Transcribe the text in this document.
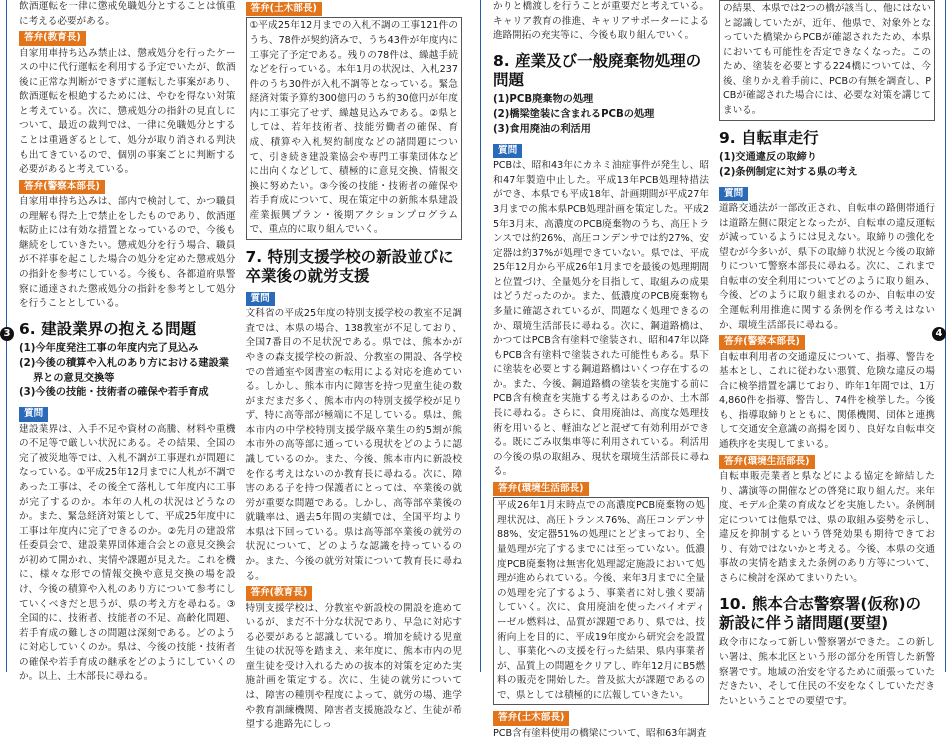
飲酒運転を一律に懲戒免職処分とすることは慎重に考える必要がある。

答弁(教育長)

自家用車持ち込み禁止は、懲戒処分を行ったケースの中に代行運転を利用する予定でいたが、飲酒後に正常な判断ができずに運転した事案があり、飲酒運転を根絶するためには、やむを得ない対策と考えている。次に、懲戒処分の指針の見直しについて、最近の裁判では、一律に免職処分とすることは重過ぎるとして、処分が取り消される判決も出てきているので、個別の事案ごとに判断する必要があると考えている。

答弁(警察本部長)

自家用車持ち込みは、部内で検討して、かつ職員の理解も得た上で禁止をしたものであり、飲酒運転防止には有効な措置となっているので、今後も継続をしていきたい。懲戒処分を行う場合、職員が不祥事を起こした場合の処分を定めた懲戒処分の指針を参考にしている。今後も、各都道府県警察に通達された懲戒処分の指針を参考として処分を行うこととしている。

6. 建設業界の抱える問題
(1)今年度発注工事の年度内完了見込み
(2)今後の積算や入札のあり方における建設業界との意見交換等
(3)今後の技能・技術者の確保や若手育成
質問

建設業界は、入手不足や資材の高騰、材料や重機の不足等で厳しい状況にある。その結果、全国の完了被災地等では、入札不調が工事遅れが問題になっている。①平成25年12月までに人札が不調であった工事は、その後全て落札して年度内に工事が完了するのか。本年の人札の状況はどうなのか。また、緊急経済対策として、平成25年度中に工事は年度内に完了できるのか。②先月の建設常任委員会で、建設業界団体連合会との意見交換会が初めて開かれ、実情や課題が見えた。これを機に、様々な形での情報交換や意見交換の場を設け、今後の積算や入札のあり方について参考にしていくべきだと思うが、県の考え方を尋ねる。③全国的に、技術者、技能者の不足、高齢化問題、若手育成の難しさの問題は深刻である。どのように対応していくのか。県は、今後の技能・技術者の確保や若手育成の継承をどのようにしていくのか。以上、土木部長に尋ねる。

答弁(土木部長)

①平成25年12月までの入札不調の工事121件のうち、78件が契約済みで、うち43件が年度内に工事完了予定である。残りの78件は、繰越手続などを行っている。本年1月の状況は、入札237件のうち30件が入札不調等となっている。緊急経済対策予算約300億円のうち約30億円が年度内に工事完了せず、繰越見込みである。②県としては、若年技術者、技能労働者の確保、育成、積算や入札契約制度などの諸問題について、引き続き建設業協会や専門工事業団体などに出向くなどして、積極的に意見交換、情報交換に努めたい。③今後の技能・技術者の確保や若手育成について、現在策定中の新熊本県建設産業振興プラン・後期アクションプログラムで、重点的に取り組んでいく。

7. 特別支援学校の新設並びに卒業後の就労支援
質問

文科省の平成25年度の特別支援学校の教室不足調査では、本県の場合、138教室が不足しており、全国7番目の不足状況である。県では、熊本かがやきの森支援学校の新設、分教室の開設、各学校での普通室や図書室の転用による対応を進めている。しかし、熊本市内に障害を持つ児童生徒の数がまだまだ多く、熊本市内の特別支援学校が足りず、特に高等部が極端に不足している。県は、熊本市内の中学校特別支援学級卒業生の約5割が熊本市外の高等部に通っている現状をどのように認識しているのか。また、今後、熊本市内に新設校を作る考えはないのか教育長に尋ねる。次に、障害のある子を持つ保護者にとっては、卒業後の就労が重要な問題である。しかし、高等部卒業後の就職率は、過去5年間の実績では、全国平均より本県は下回っている。県は高等部卒業後の就労の状況について、どのような認識を持っているのか。また、今後の就労対策について教育長に尋ねる。

答弁(教育長)

特別支援学校は、分教室や新設校の開設を進めているが、まだ不十分な状況であり、早急に対応する必要があると認識している。増加を続ける児童生徒の状況等を踏まえ、来年度に、熊本市内の児童生徒を受け入れるための抜本的対策を定めた実施計画を策定する。次に、生徒の就労については、障害の種別や程度によって、就労の場、進学や教育訓練機関、障害者支援施設など、生徒が希望する進路先にしっ

かりと橋渡しを行うことが重要だと考えている。キャリア教育の推進、キャリアサポーターによる進路開拓の充実等に、今後も取り組んでいく。

8. 産業及び一般廃棄物処理の問題
(1)PCB廃棄物の処理
(2)橋梁塗装に含まれるPCBの処理
(3)食用廃油の利活用
質問

PCBは、昭和43年にカネミ油症事件が発生し、昭和47年製造中止した。平成13年PCB処理特措法ができ、本県でも平成18年、計画期間が平成27年3月までの熊本県PCB処理計画を策定した。平成25年3月末、高濃度のPCB廃棄物のうち、高圧トランスでは約26%、高圧コンデンサでは約27%、安定器は約37%が処理できていない。県では、平成25年12月から平成26年1月までを最後の処理期間と位置づけ、全量処分を目指して、取組みの成果はどうだったのか。また、低濃度のPCB廃棄物も多量に確認されているが、問題なく処理できるのか、環境生活部長に尋ねる。次に、鋼道路橋は、かつてはPCB含有塗料で塗装され、昭和47年以降もPCB含有塗料で塗装された可能性もある。県下に塗装を必要とする鋼道路橋はいくつ存在するのか。また、今後、鋼道路橋の塗装を実施する前にPCB含有検査を実施する考えはあるのか、土木部長に尋ねる。さらに、食用廃油は、高度な処理技術を用いると、軽油などと混ぜて有効利用ができる。既にごみ収集車等に利用されている。利活用の今後の県の取組み、現状を環境生活部長に尋ねる。

答弁(環境生活部長)

平成26年1月末時点での高濃度PCB廃棄物の処理状況は、高圧トランス76%、高圧コンデンサ88%、安定器51%の処理にとどまっており、全量処理が完了するまでには至っていない。低濃度PCB廃棄物は無害化処理認定施設において処理が進められている。今後、来年3月までに全量の処理を完了するよう、事業者に対し強く要請していく。次に、食用廃油を使ったバイオディーゼル燃料は、品質が課題であり、県では、技術向上を目的に、平成19年度から研究会を設置し、事業化への支援を行った結果、県内事業者が、品質上の問題をクリアし、昨年12月にB5燃料の販売を開始した。普及拡大が課題であるので、県としては積極的に広報していきたい。

答弁(土木部長)

PCB含有塗料使用の橋梁について、昭和63年調査

の結果、本県では2つの橋が該当し、他にはないと認識していたが、近年、他県で、対象外となっていた橋梁からPCBが確認されたため、本県においても可能性を否定できなくなった。このため、塗装を必要とする224橋については、今後、塗りかえ着手前に、PCBの有無を調査し、PCBが確認された場合には、必要な対策を講じてまいる。

9. 自転車走行
(1)交通違反の取締り
(2)条例制定に対する県の考え
質問

道路交通法が一部改正され、自転車の路側帯通行は道路左側に限定となったが、自転車の違反運転が減っているようには見えない。取締りの強化を望むが今多いが、県下の取締り状況と今後の取締りについて警察本部長に尋ねる。次に、これまで自転車の安全利用についてどのように取り組み、今後、どのように取り組まれるのか、自転車の安全運転利用推進に関する条例を作る考えはないか、環境生活部長に尋ねる。

答弁(警察本部長)

自転車利用者の交通違反について、指導、警告を基本とし、これに従わない悪質、危険な違反の場合に検挙措置を講じており、昨年1年間では、1万4,860件を指導、警告し、74件を検挙した。今後も、指導取締りとともに、関係機関、団体と連携して交通安全意識の高揚を図り、良好な自転車交通秩序を実現してまいる。

答弁(環境生活部長)

自転車販売業者と県などによる協定を締結したり、講演等の開催などの啓発に取り組んだ。来年度、モデル企業の育成などを実施したい。条例制定については他県では、県の取組み姿勢を示し、違反を抑制するという啓発効果も期待できており、有効ではないかと考える。今後、本県の交通事故の実情を踏まえた条例のあり方等について、さらに検討を深めてまいりたい。

10. 熊本合志警察署(仮称)の新設に伴う諸問題(要望)

政令市になって新しい警察署ができた。この新しい署は、熊本北区という形の部分を所管した新警察署です。地域の治安を守るために頑張っていただきたい、そして住民の不安をなくしていただきたいということでの要望です。

3	4
